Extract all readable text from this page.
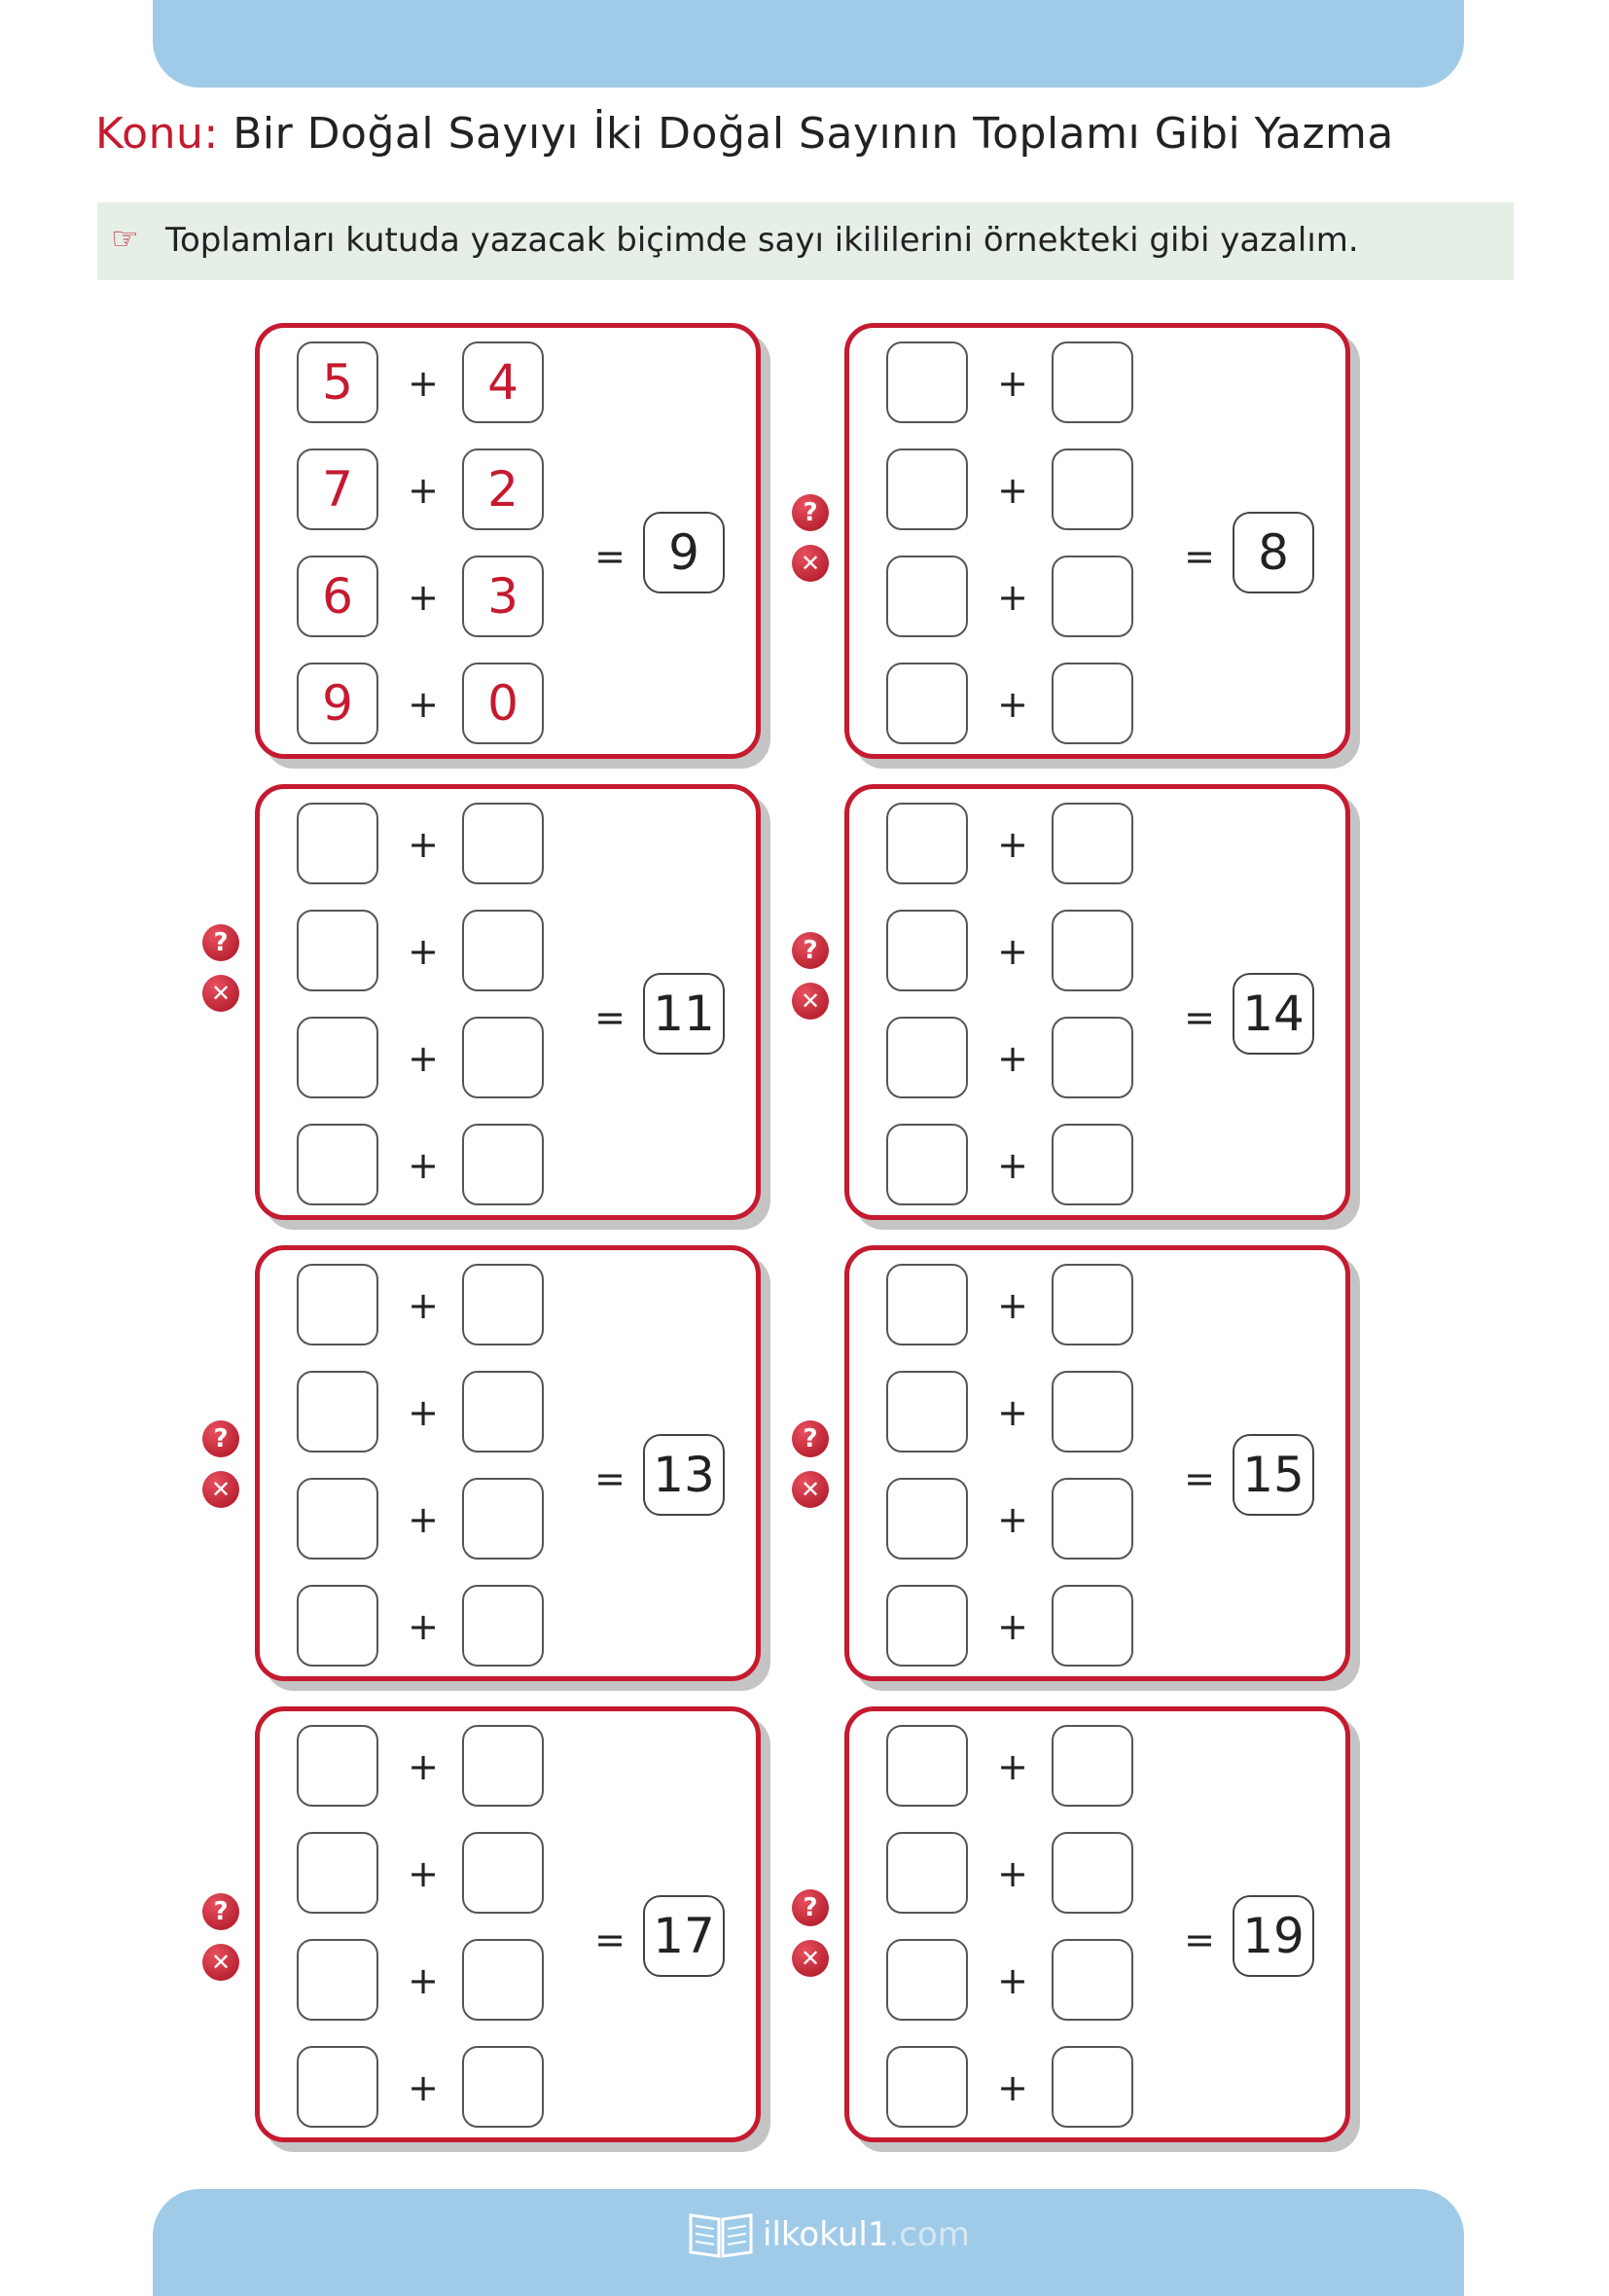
Konu: Bir Doğal Sayıyı İki Doğal Sayının Toplamı Gibi Yazma
☞ Toplamları kutuda yazacak biçimde sayı ikililerini örnekteki gibi yazalım.
5	+	4
7	+	2
6	+	3
9	+	0
= 9
+
+
+
+
= 8
?
✕
+
+
+
+
= 11
?
✕
+
+
+
+
= 14
?
✕
+
+
+
+
= 13
?
✕
+
+
+
+
= 15
?
✕
+
+
+
+
= 17
?
✕
+
+
+
+
= 19
?
✕
ilkokul1 .com
